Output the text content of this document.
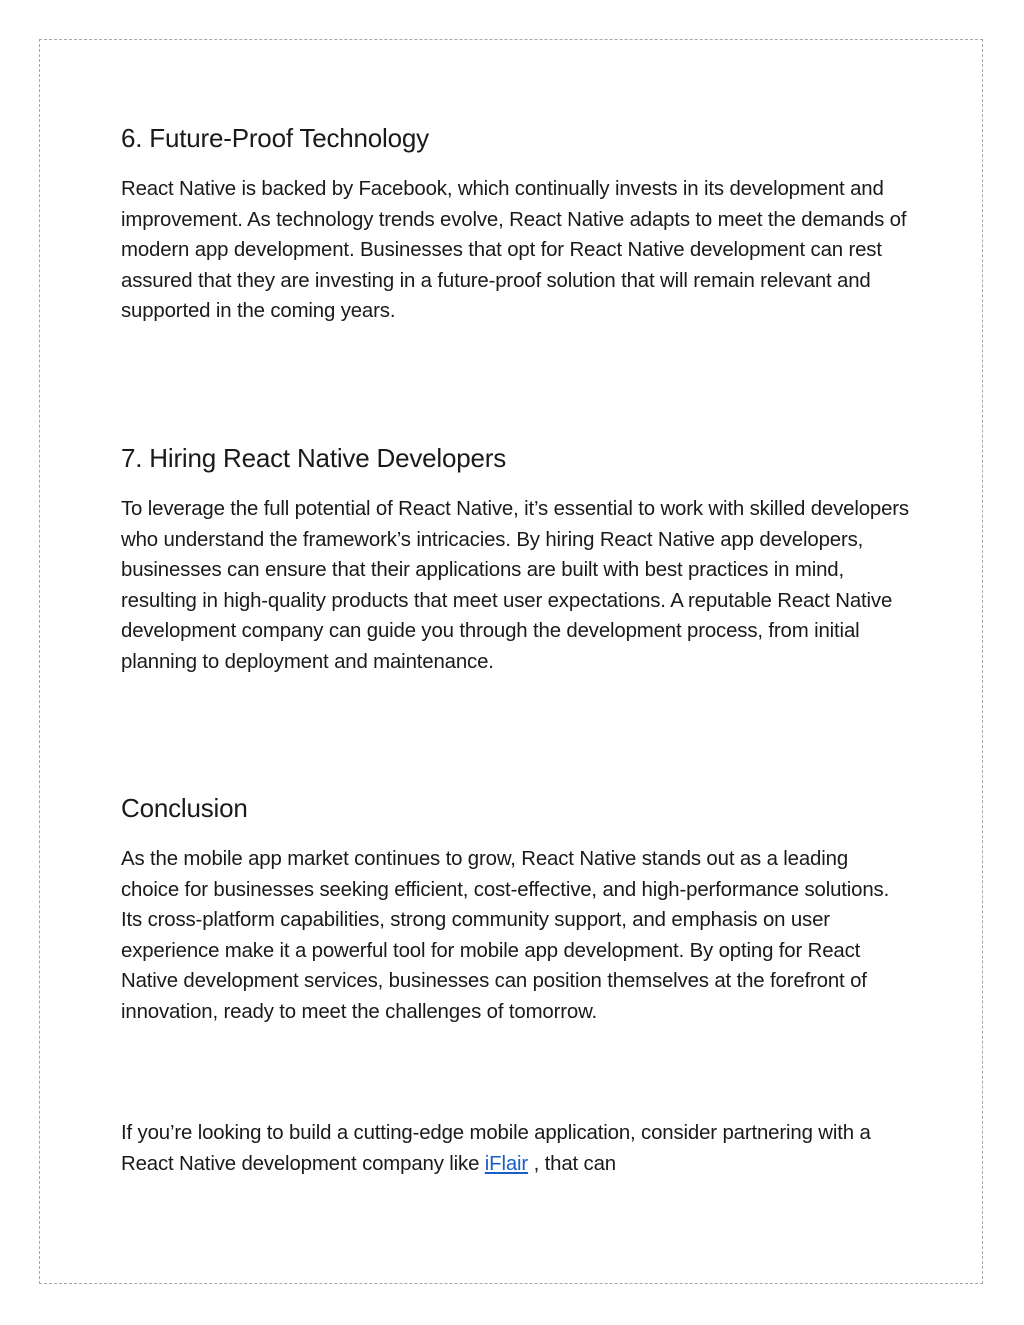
6. Future-Proof Technology

React Native is backed by Facebook, which continually invests in its development and improvement. As technology trends evolve, React Native adapts to meet the demands of modern app development. Businesses that opt for React Native development can rest assured that they are investing in a future-proof solution that will remain relevant and supported in the coming years.

7. Hiring React Native Developers

To leverage the full potential of React Native, it’s essential to work with skilled developers who understand the framework’s intricacies. By hiring React Native app developers, businesses can ensure that their applications are built with best practices in mind, resulting in high-quality products that meet user expectations. A reputable React Native development company can guide you through the development process, from initial planning to deployment and maintenance.

Conclusion

As the mobile app market continues to grow, React Native stands out as a leading choice for businesses seeking efficient, cost-effective, and high-performance solutions. Its cross-platform capabilities, strong community support, and emphasis on user experience make it a powerful tool for mobile app development. By opting for React Native development services, businesses can position themselves at the forefront of innovation, ready to meet the challenges of tomorrow.

If you’re looking to build a cutting-edge mobile application, consider partnering with a React Native development company like iFlair , that can
